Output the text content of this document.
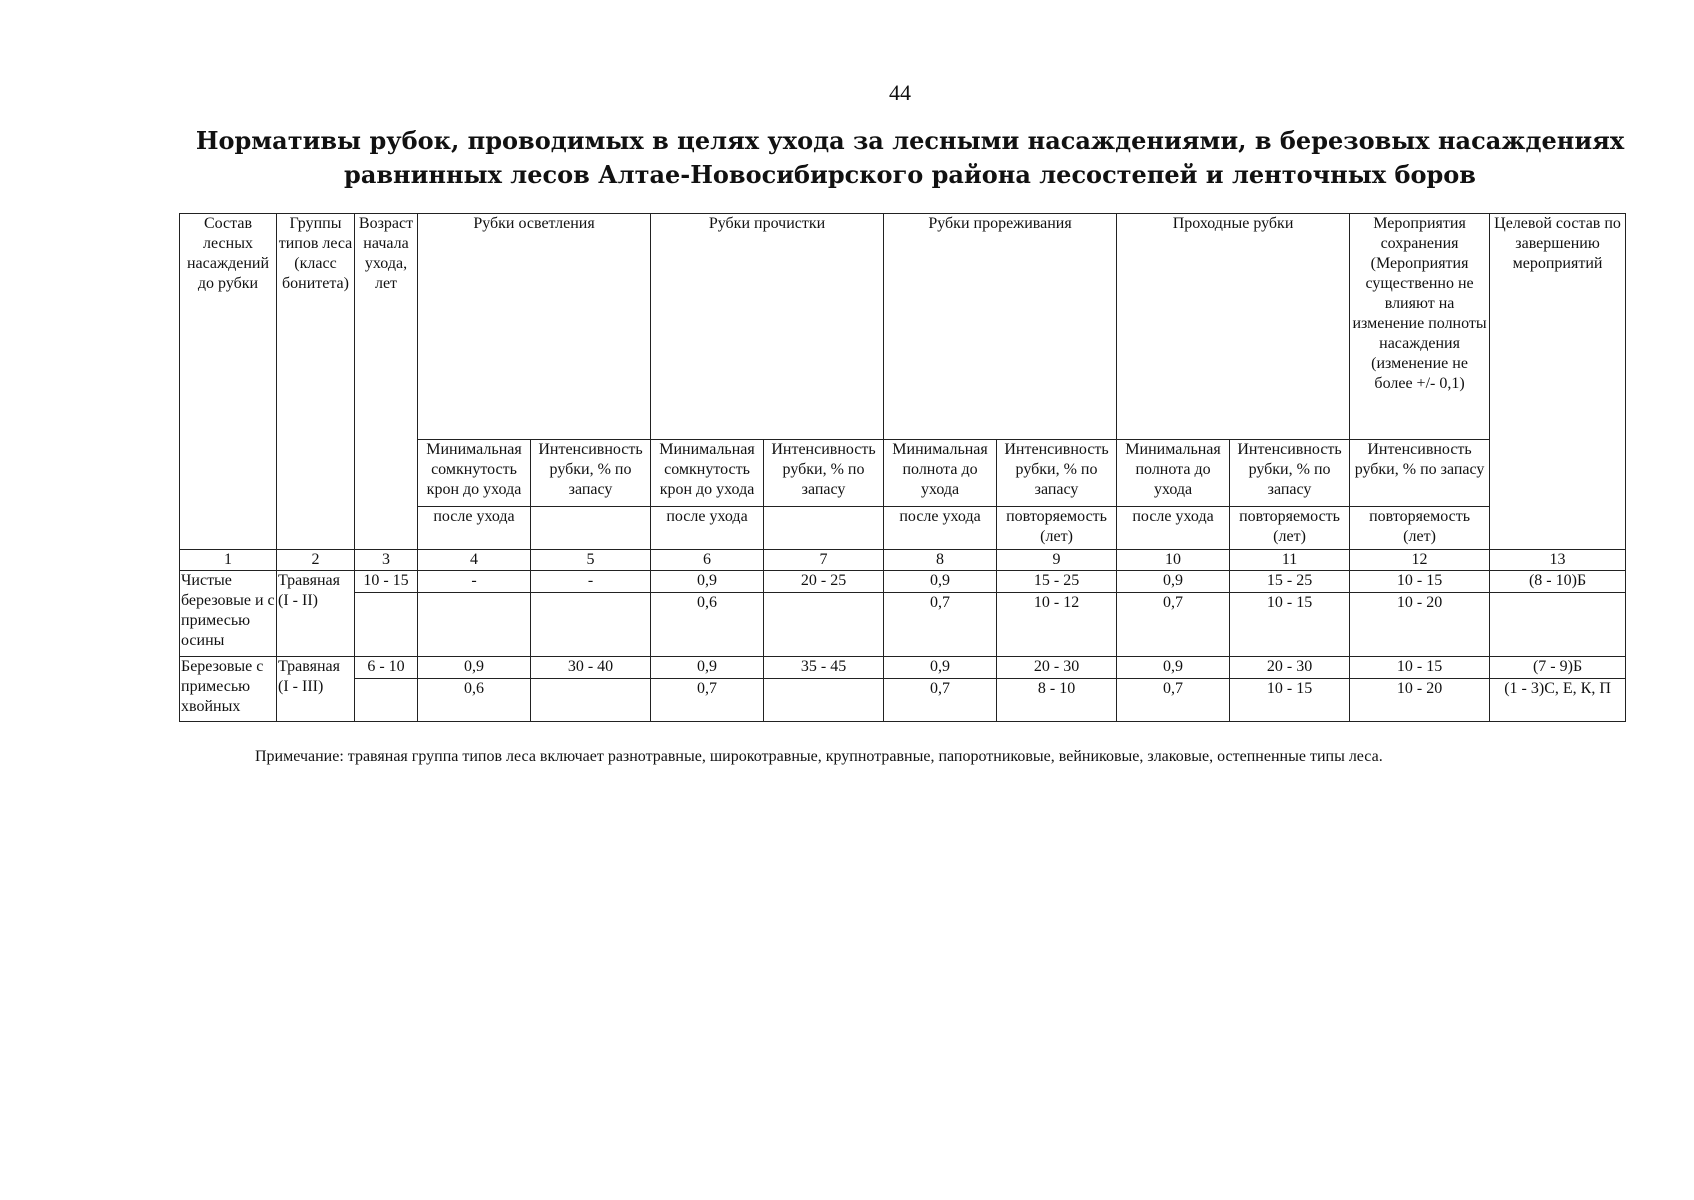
44
Нормативы рубок, проводимых в целях ухода за лесными насаждениями, в березовых насаждениях равнинных лесов Алтае-Новосибирского района лесостепей и ленточных боров
Состав лесных насаждений до рубки	Группы типов леса (класс бонитета)	Возраст начала ухода, лет	Рубки осветления		Рубки прочистки		Рубки прореживания		Проходные рубки		Мероприятия сохранения (Мероприятия существенно не влияют на изменение полноты насаждения (изменение не более +/- 0,1)	Целевой состав по завершению мероприятий
			Минимальная сомкнутость крон до ухода	Интенсивность рубки, % по запасу	Минимальная сомкнутость крон до ухода	Интенсивность рубки, % по запасу	Минимальная полнота до ухода	Интенсивность рубки, % по запасу	Минимальная полнота до ухода	Интенсивность рубки, % по запасу	Интенсивность рубки, % по запасу	
			после ухода		после ухода		после ухода	повторяемость (лет)	после ухода	повторяемость (лет)	повторяемость (лет)	
1	2	3	4	5	6	7	8	9	10	11	12	13
Чистые березовые и с примесью осины	Травяная (I - II)	10 - 15	-	-	0,9	20 - 25	0,9	15 - 25	0,9	15 - 25	10 - 15	(8 - 10)Б
					0,6		0,7	10 - 12	0,7	10 - 15	10 - 20	
Березовые с примесью хвойных	Травяная (I - III)	6 - 10	0,9	30 - 40	0,9	35 - 45	0,9	20 - 30	0,9	20 - 30	10 - 15	(7 - 9)Б
			0,6		0,7		0,7	8 - 10	0,7	10 - 15	10 - 20	(1 - 3)С, Е, К, П
Примечание: травяная группа типов леса включает разнотравные, широкотравные, крупнотравные, папоротниковые, вейниковые, злаковые, остепненные типы леса.
